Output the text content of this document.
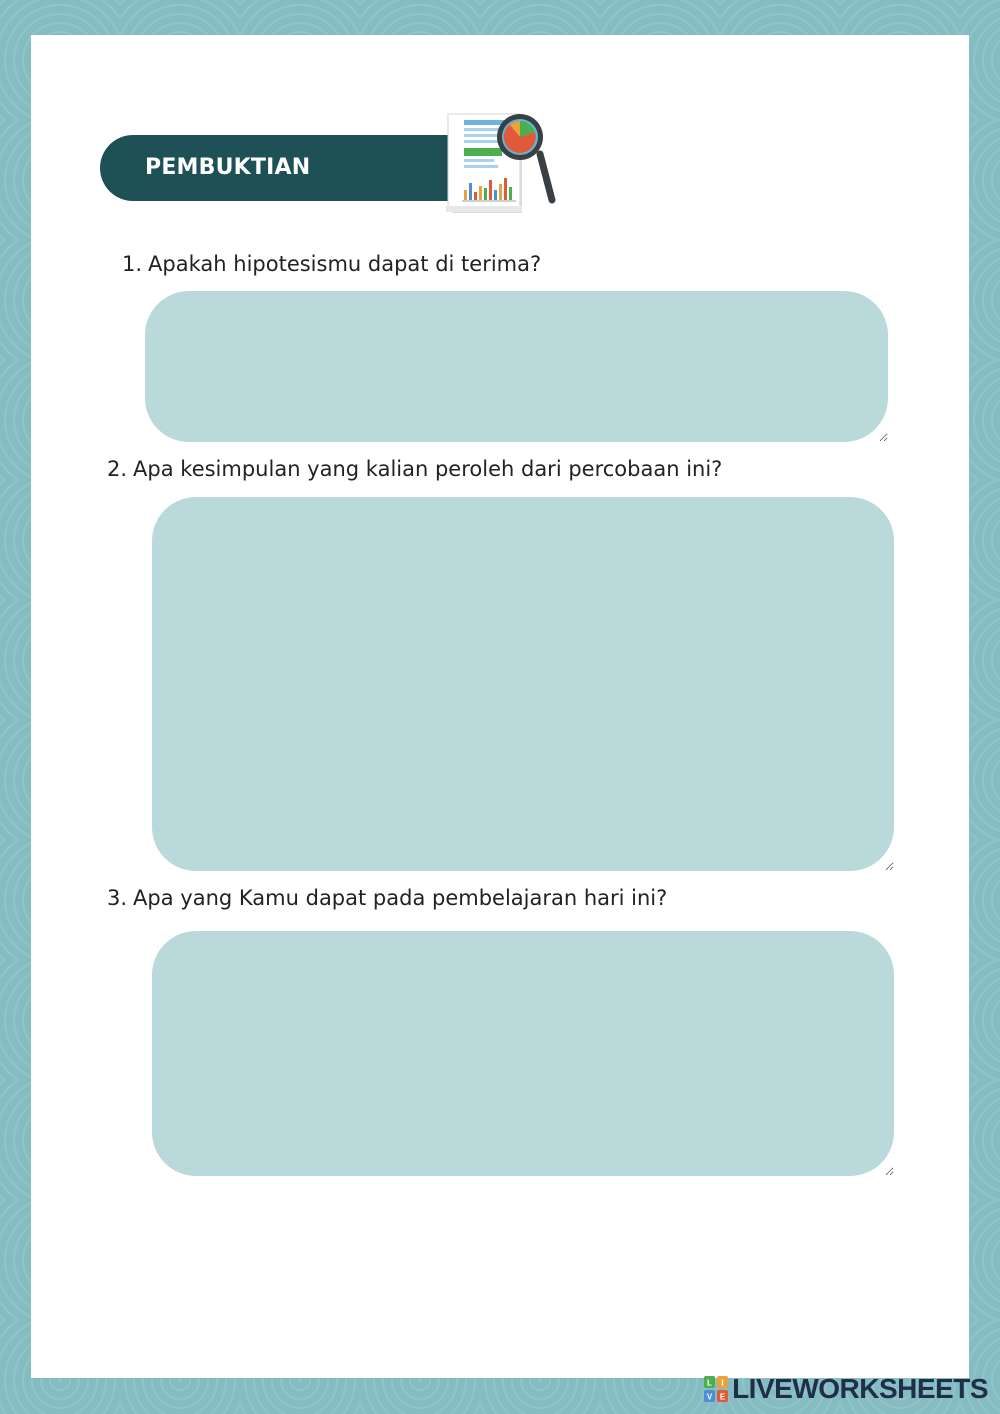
PEMBUKTIAN
1. Apakah hipotesismu dapat di terima?
2. Apa kesimpulan yang kalian peroleh dari percobaan ini?
3. Apa yang Kamu dapat pada pembelajaran hari ini?
L I
V E LIVEWORKSHEETS
